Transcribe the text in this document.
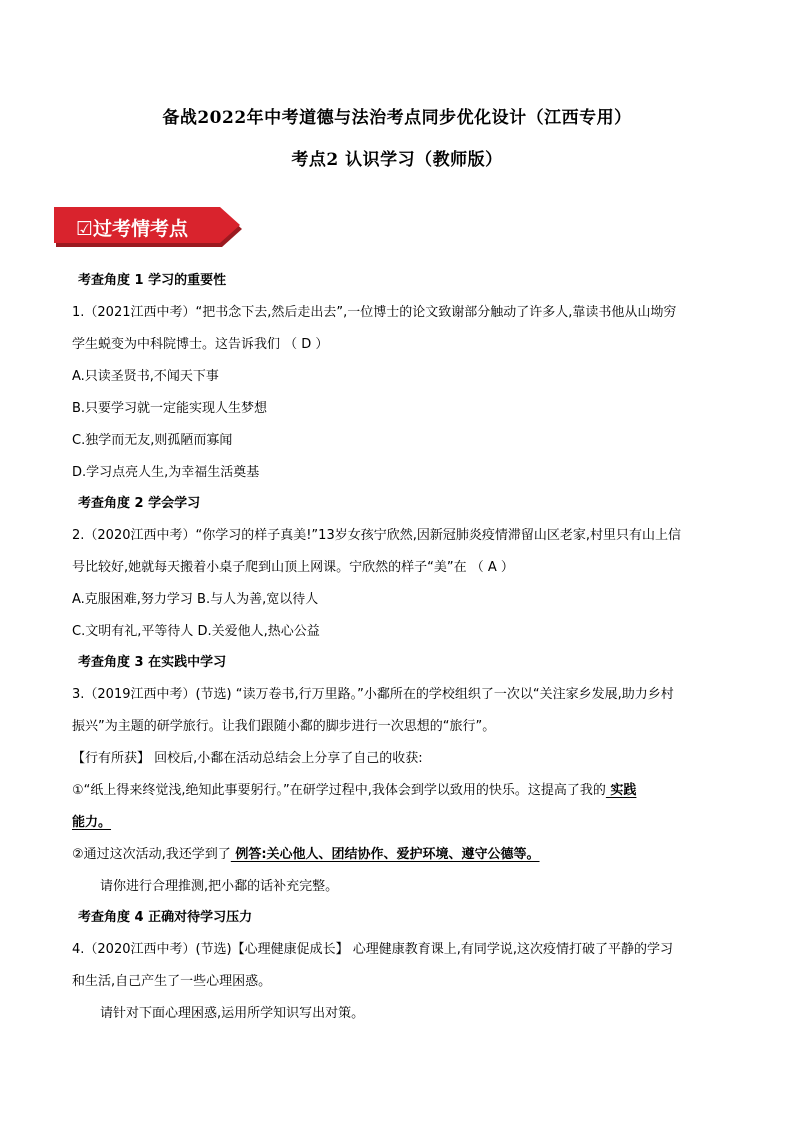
备战2022年中考道德与法治考点同步优化设计（江西专用）
考点2 认识学习（教师版）
☑过考情考点
考查角度 1 学习的重要性
1.（2021江西中考）“把书念下去,然后走出去”,一位博士的论文致谢部分触动了许多人,靠读书他从山坳穷
学生蜕变为中科院博士。这告诉我们 （ D ）
A.只读圣贤书,不闻天下事
B.只要学习就一定能实现人生梦想
C.独学而无友,则孤陋而寡闻
D.学习点亮人生,为幸福生活奠基
考查角度 2 学会学习
2.（2020江西中考）“你学习的样子真美!”13岁女孩宁欣然,因新冠肺炎疫情滞留山区老家,村里只有山上信
号比较好,她就每天搬着小桌子爬到山顶上网课。宁欣然的样子“美”在 （ A ）
A.克服困难,努力学习 B.与人为善,宽以待人
C.文明有礼,平等待人 D.关爱他人,热心公益
考查角度 3 在实践中学习
3.（2019江西中考）(节选) “读万卷书,行万里路。”小鄱所在的学校组织了一次以“关注家乡发展,助力乡村
振兴”为主题的研学旅行。让我们跟随小鄱的脚步进行一次思想的“旅行”。
【行有所获】 回校后,小鄱在活动总结会上分享了自己的收获:
①“纸上得来终觉浅,绝知此事要躬行。”在研学过程中,我体会到学以致用的快乐。这提高了我的 实践
能力。
②通过这次活动,我还学到了 例答:关心他人、团结协作、爱护环境、遵守公德等。
请你进行合理推测,把小鄱的话补充完整。
考查角度 4 正确对待学习压力
4.（2020江西中考）(节选)【心理健康促成长】 心理健康教育课上,有同学说,这次疫情打破了平静的学习
和生活,自己产生了一些心理困惑。
请针对下面心理困惑,运用所学知识写出对策。
